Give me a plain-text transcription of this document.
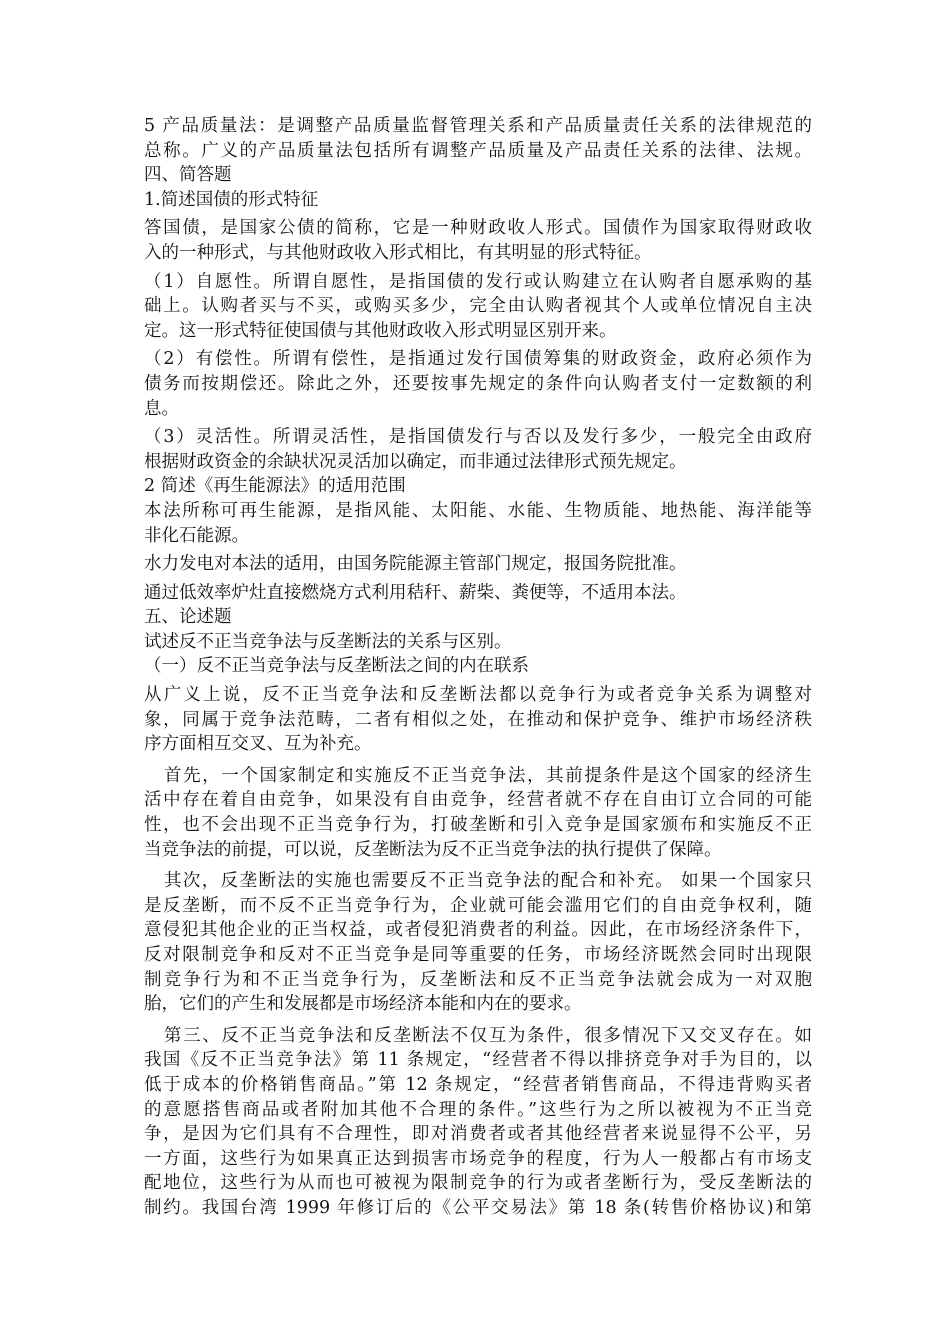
5 产品质量法：是调整产品质量监督管理关系和产品质量责任关系的法律规范的
总称。广义的产品质量法包括所有调整产品质量及产品责任关系的法律、法规。
四、简答题
1.简述国债的形式特征
答国债，是国家公债的简称，它是一种财政收人形式。国债作为国家取得财政收
入的一种形式，与其他财政收入形式相比，有其明显的形式特征。
（1）自愿性。所谓自愿性，是指国债的发行或认购建立在认购者自愿承购的基
础上。认购者买与不买，或购买多少，完全由认购者视其个人或单位情况自主决
定。这一形式特征使国债与其他财政收入形式明显区别开来。
（2）有偿性。所谓有偿性，是指通过发行国债筹集的财政资金，政府必须作为
债务而按期偿还。除此之外，还要按事先规定的条件向认购者支付一定数额的利
息。
（3）灵活性。所谓灵活性，是指国债发行与否以及发行多少，一般完全由政府
根据财政资金的余缺状况灵活加以确定，而非通过法律形式预先规定。
2 简述《再生能源法》的适用范围
本法所称可再生能源，是指风能、太阳能、水能、生物质能、地热能、海洋能等
非化石能源。
水力发电对本法的适用，由国务院能源主管部门规定，报国务院批准。
通过低效率炉灶直接燃烧方式利用秸秆、薪柴、粪便等，不适用本法。
五、论述题
试述反不正当竞争法与反垄断法的关系与区别。
（一）反不正当竞争法与反垄断法之间的内在联系
从广义上说，反不正当竞争法和反垄断法都以竞争行为或者竞争关系为调整对
象，同属于竞争法范畴，二者有相似之处，在推动和保护竞争、维护市场经济秩
序方面相互交叉、互为补充。
首先，一个国家制定和实施反不正当竞争法，其前提条件是这个国家的经济生
活中存在着自由竞争，如果没有自由竞争，经营者就不存在自由订立合同的可能
性，也不会出现不正当竞争行为，打破垄断和引入竞争是国家颁布和实施反不正
当竞争法的前提，可以说，反垄断法为反不正当竞争法的执行提供了保障。
其次，反垄断法的实施也需要反不正当竞争法的配合和补充。 如果一个国家只
是反垄断，而不反不正当竞争行为，企业就可能会滥用它们的自由竞争权利，随
意侵犯其他企业的正当权益，或者侵犯消费者的利益。因此，在市场经济条件下，
反对限制竞争和反对不正当竞争是同等重要的任务，市场经济既然会同时出现限
制竞争行为和不正当竞争行为，反垄断法和反不正当竞争法就会成为一对双胞
胎，它们的产生和发展都是市场经济本能和内在的要求。
第三、反不正当竞争法和反垄断法不仅互为条件，很多情况下又交叉存在。如
我国《反不正当竞争法》第 11 条规定，“经营者不得以排挤竞争对手为目的，以
低于成本的价格销售商品。”第 12 条规定，“经营者销售商品，不得违背购买者
的意愿搭售商品或者附加其他不合理的条件。”这些行为之所以被视为不正当竞
争，是因为它们具有不合理性，即对消费者或者其他经营者来说显得不公平，另
一方面，这些行为如果真正达到损害市场竞争的程度，行为人一般都占有市场支
配地位，这些行为从而也可被视为限制竞争的行为或者垄断行为，受反垄断法的
制约。我国台湾 1999 年修订后的《公平交易法》第 18 条(转售价格协议)和第
